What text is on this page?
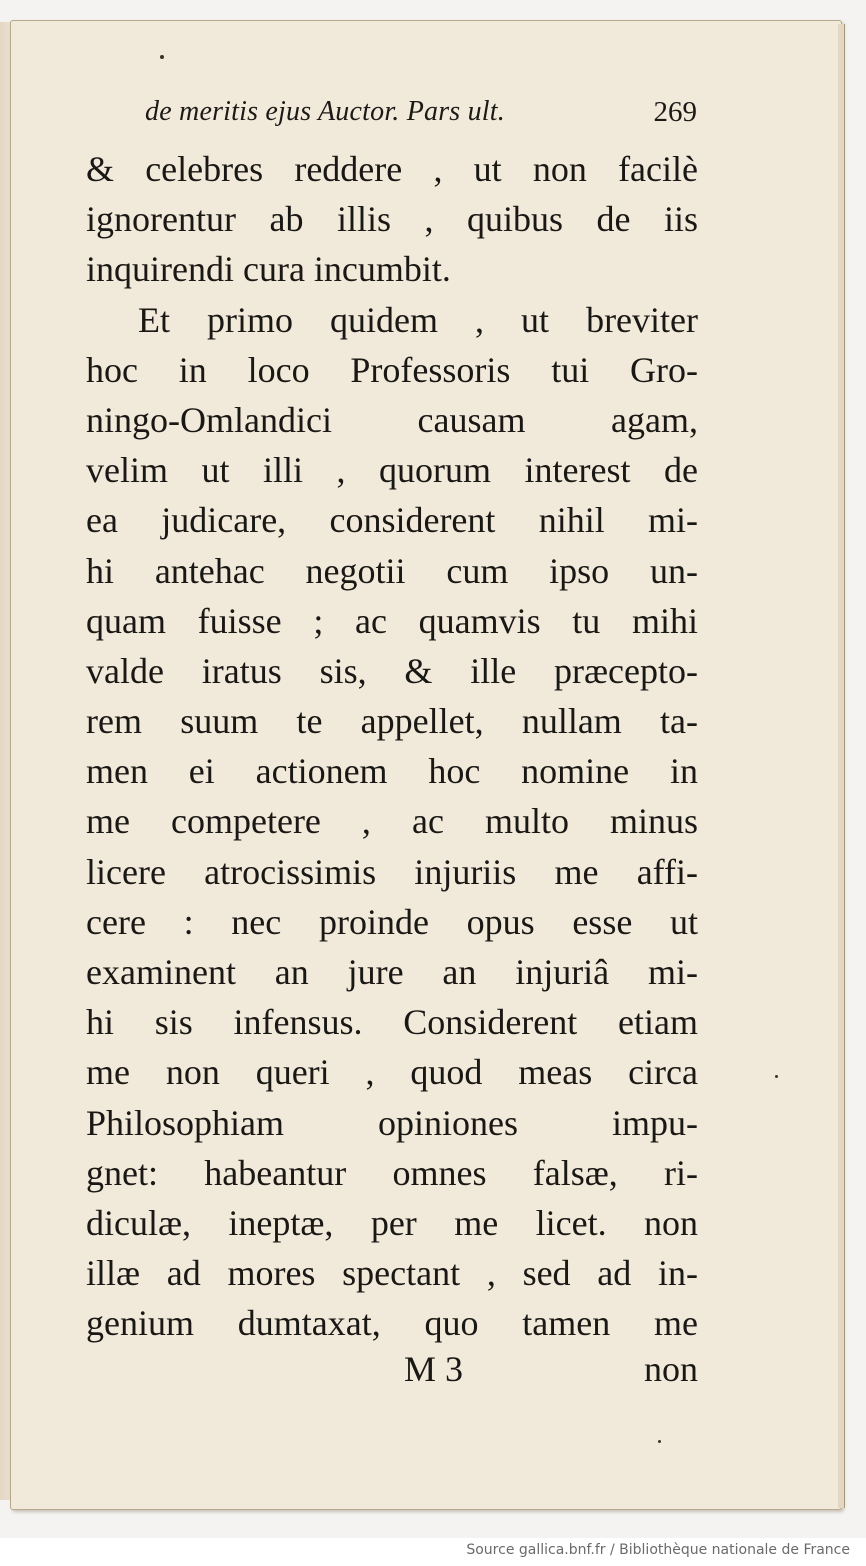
de meritis ejus Auctor. Pars ult.	269
& celebres reddere , ut non facilè
ignorentur ab illis , quibus de iis
inquirendi cura incumbit.
Et primo quidem , ut breviter
hoc in loco Professoris tui Gro-
ningo-Omlandici causam agam,
velim ut illi , quorum interest de
ea judicare, considerent nihil mi-
hi antehac negotii cum ipso un-
quam fuisse ; ac quamvis tu mihi
valde iratus sis, & ille præcepto-
rem suum te appellet, nullam ta-
men ei actionem hoc nomine in
me competere , ac multo minus
licere atrocissimis injuriis me affi-
cere : nec proinde opus esse ut
examinent an jure an injuriâ mi-
hi sis infensus. Considerent etiam
me non queri , quod meas circa
Philosophiam opiniones impu-
gnet: habeantur omnes falsæ, ri-
diculæ, ineptæ, per me licet. non
illæ ad mores spectant , sed ad in-
genium dumtaxat, quo tamen me
M 3	non
Source gallica.bnf.fr / Bibliothèque nationale de France
